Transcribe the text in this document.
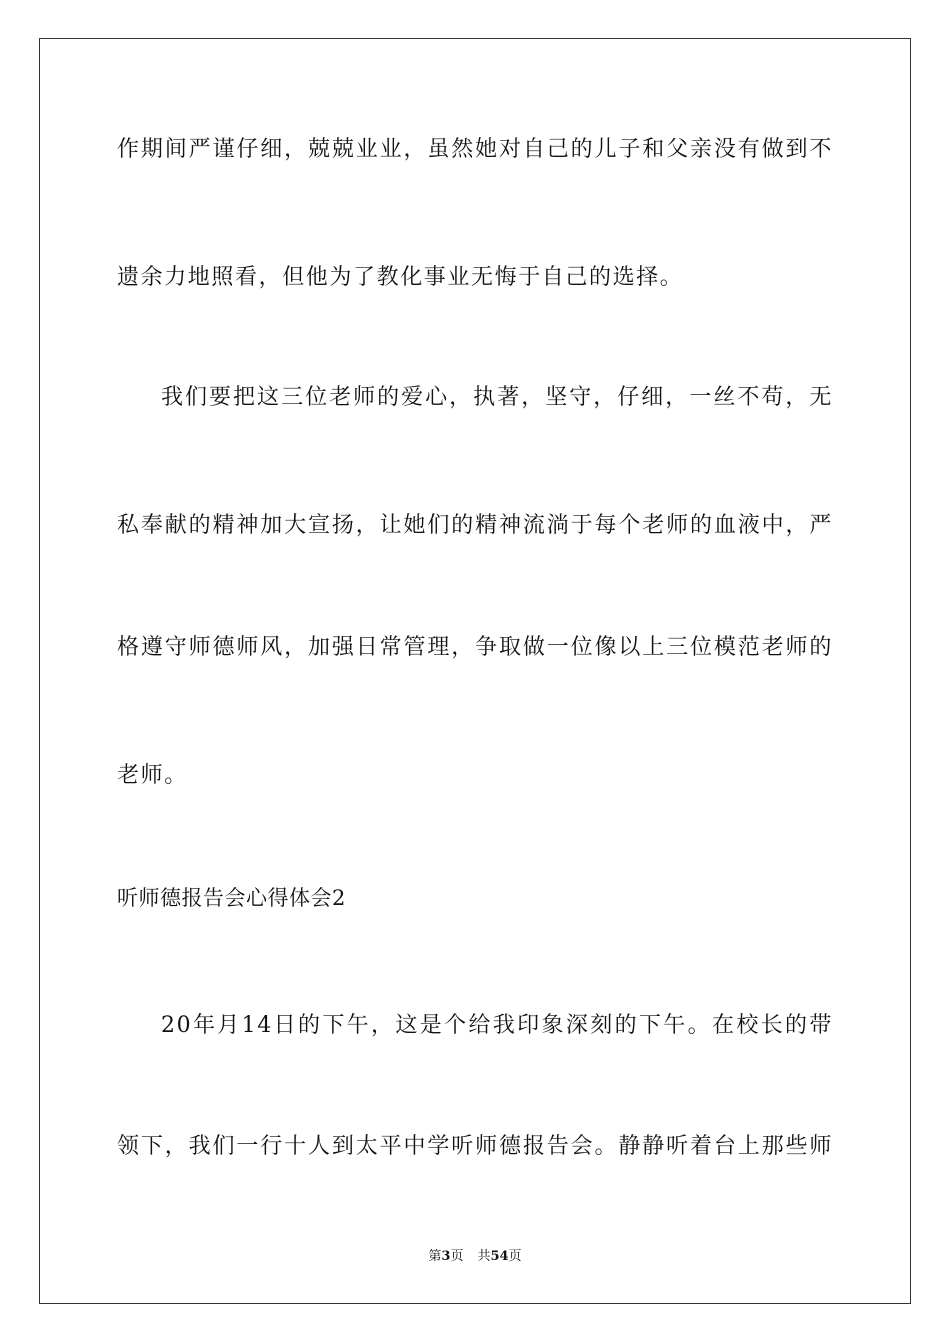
作期间严谨仔细，兢兢业业，虽然她对自己的儿子和父亲没有做到不
遗余力地照看，但他为了教化事业无悔于自己的选择。
我们要把这三位老师的爱心，执著，坚守，仔细，一丝不苟，无
私奉献的精神加大宣扬，让她们的精神流淌于每个老师的血液中，严
格遵守师德师风，加强日常管理，争取做一位像以上三位模范老师的
老师。
听师德报告会心得体会2
20年月14日的下午，这是个给我印象深刻的下午。在校长的带
领下，我们一行十人到太平中学听师德报告会。静静听着台上那些师
第3页 共54页
